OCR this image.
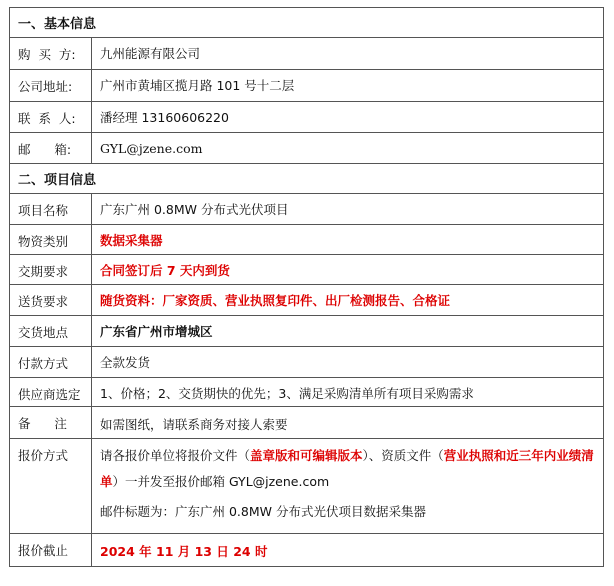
一、基本信息
购  买  方:	九州能源有限公司
公司地址:	广州市黄埔区揽月路 101 号十二层
联  系  人:	潘经理 13160606220
邮      箱:	GYL@jzene.com
二、项目信息
项目名称	广东广州 0.8MW 分布式光伏项目
物资类别	数据采集器
交期要求	合同签订后 7 天内到货
送货要求	随货资料：厂家资质、营业执照复印件、出厂检测报告、合格证
交货地点	广东省广州市增城区
付款方式	全款发货
供应商选定	1、价格；2、交货期快的优先；3、满足采购清单所有项目采购需求
备      注	如需图纸，请联系商务对接人索要
报价方式	请各报价单位将报价文件（盖章版和可编辑版本）、资质文件（营业执照和近三年内业绩清单）一并发至报价邮箱 GYL@jzene.com
邮件标题为：广东广州 0.8MW 分布式光伏项目数据采集器
报价截止	2024 年 11 月 13 日 24 时
